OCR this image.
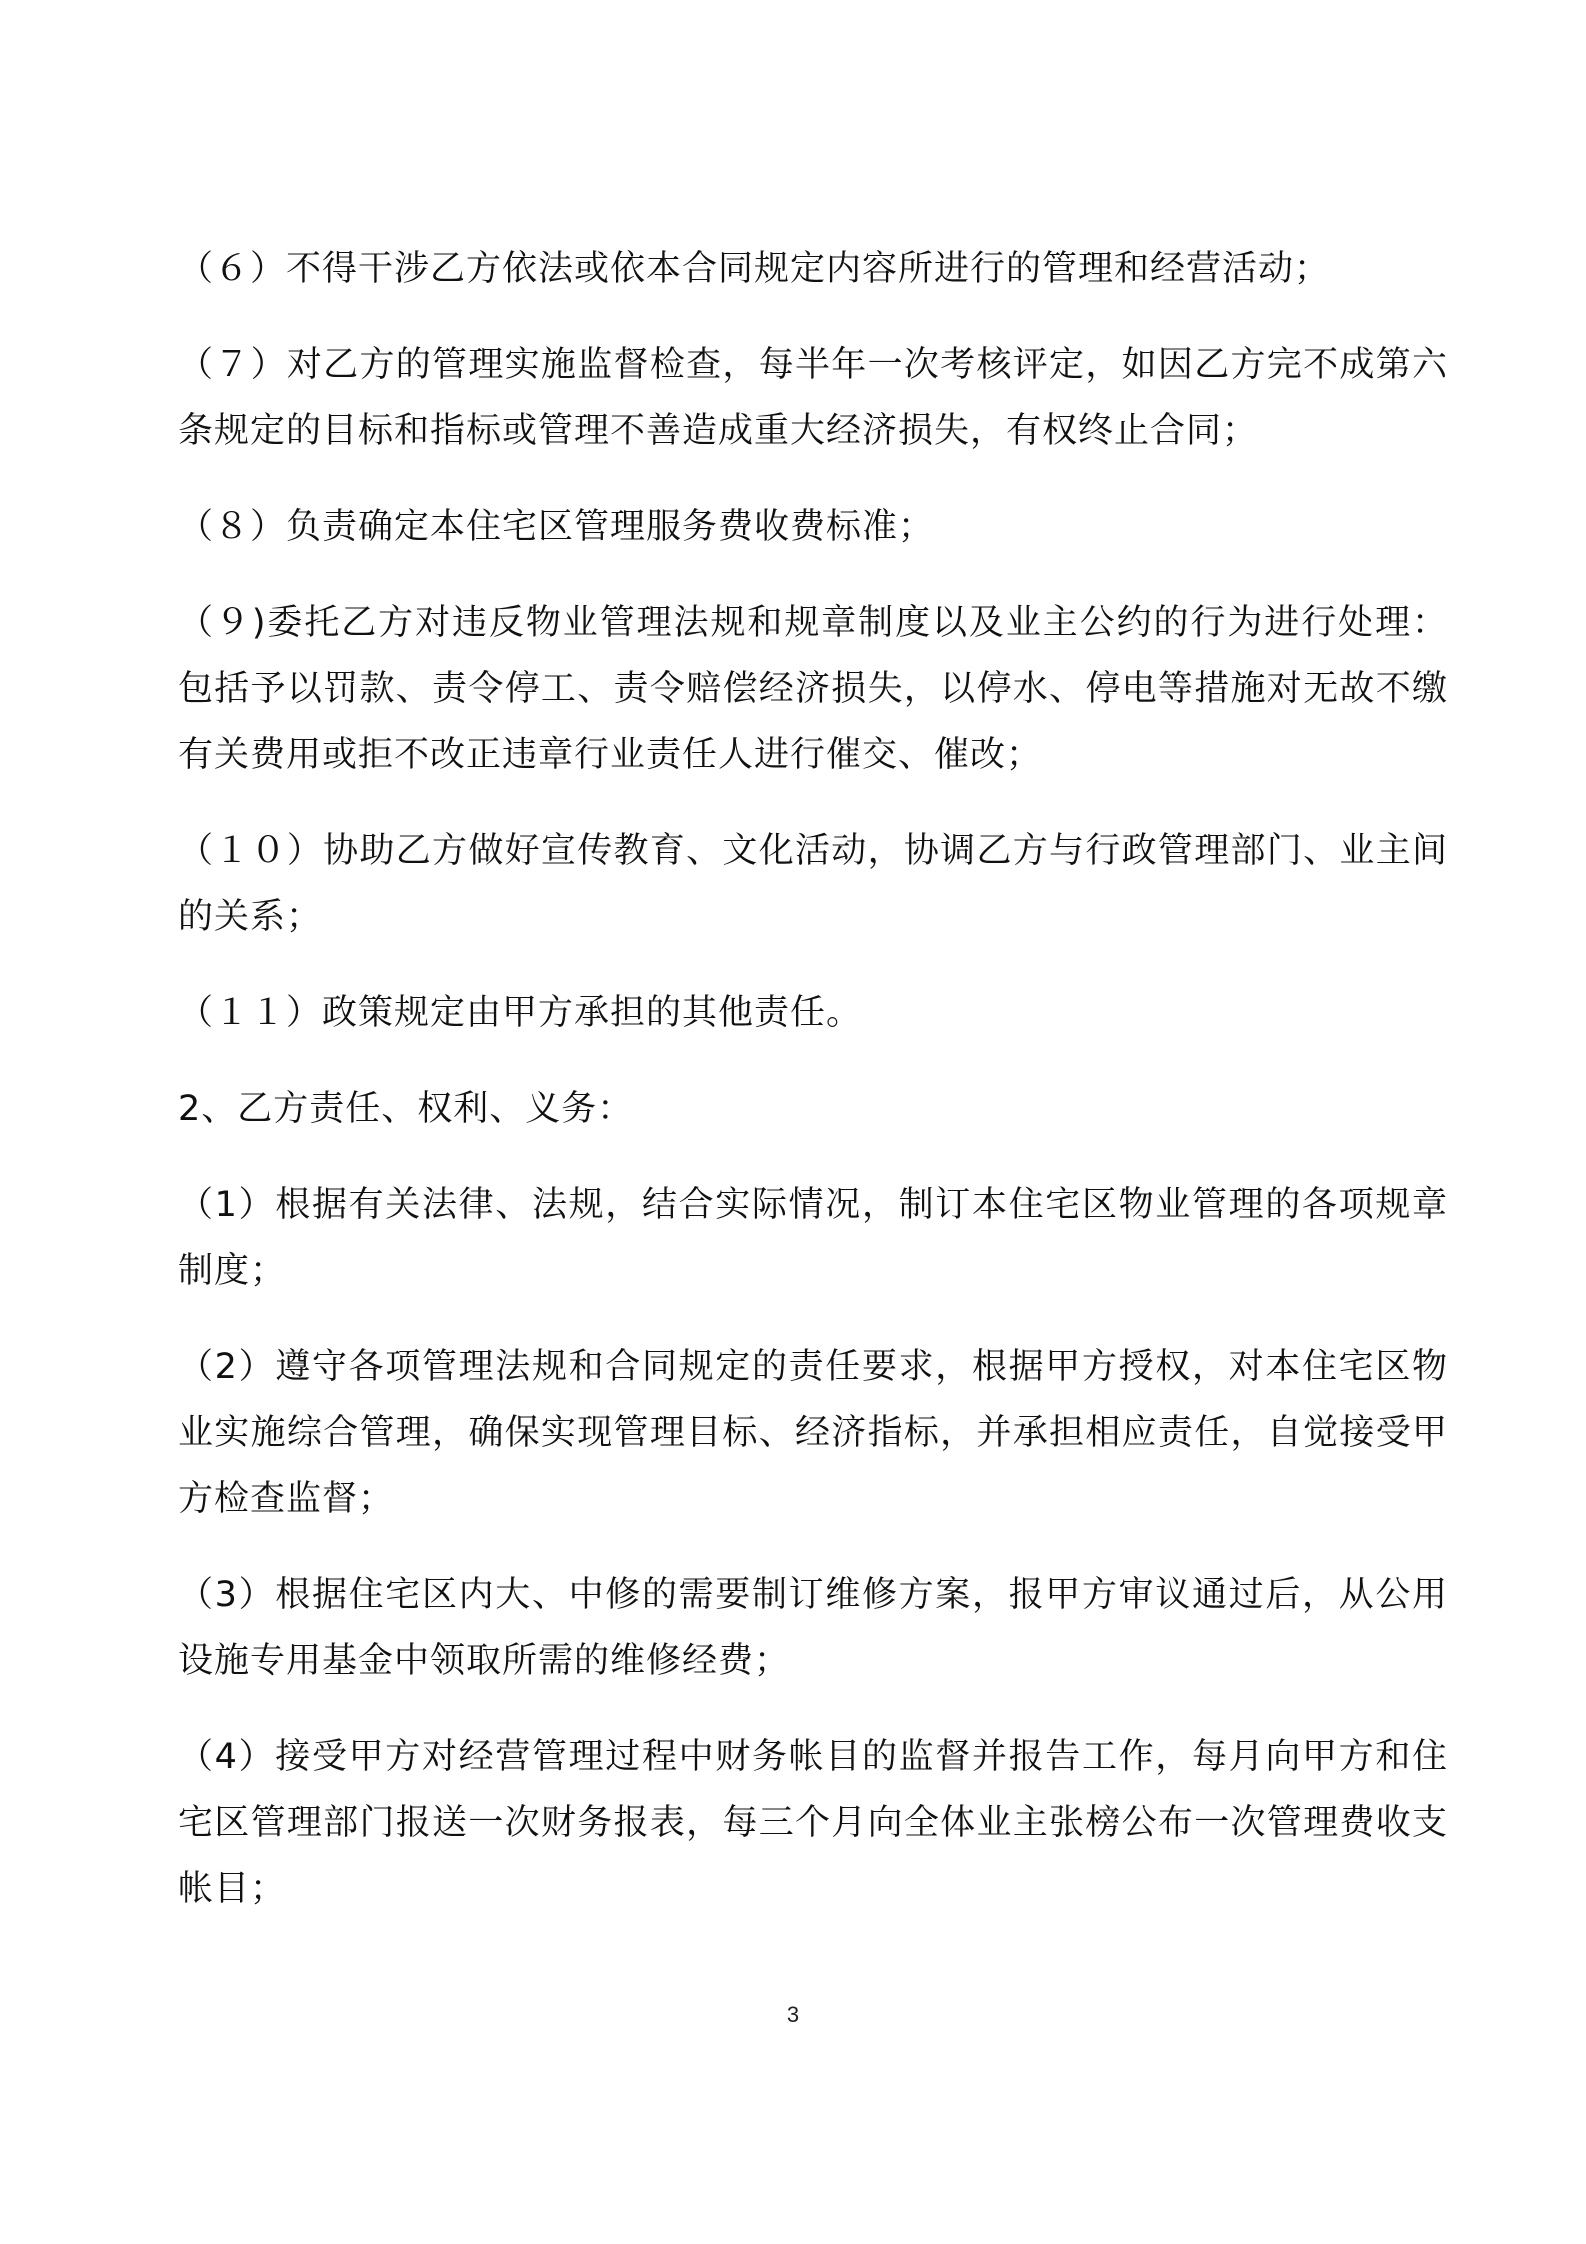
（６）不得干涉乙方依法或依本合同规定内容所进行的管理和经营活动；

（７）对乙方的管理实施监督检查，每半年一次考核评定，如因乙方完不成第六条规定的目标和指标或管理不善造成重大经济损失，有权终止合同；

（８）负责确定本住宅区管理服务费收费标准；

（９)委托乙方对违反物业管理法规和规章制度以及业主公约的行为进行处理：包括予以罚款、责令停工、责令赔偿经济损失，以停水、停电等措施对无故不缴有关费用或拒不改正违章行业责任人进行催交、催改；

（１０）协助乙方做好宣传教育、文化活动，协调乙方与行政管理部门、业主间的关系；

（１１）政策规定由甲方承担的其他责任。

2、乙方责任、权利、义务：

（1）根据有关法律、法规，结合实际情况，制订本住宅区物业管理的各项规章制度；

（2）遵守各项管理法规和合同规定的责任要求，根据甲方授权，对本住宅区物业实施综合管理，确保实现管理目标、经济指标，并承担相应责任，自觉接受甲方检查监督；

（3）根据住宅区内大、中修的需要制订维修方案，报甲方审议通过后，从公用设施专用基金中领取所需的维修经费；

（4）接受甲方对经营管理过程中财务帐目的监督并报告工作，每月向甲方和住宅区管理部门报送一次财务报表，每三个月向全体业主张榜公布一次管理费收支帐目；

3
